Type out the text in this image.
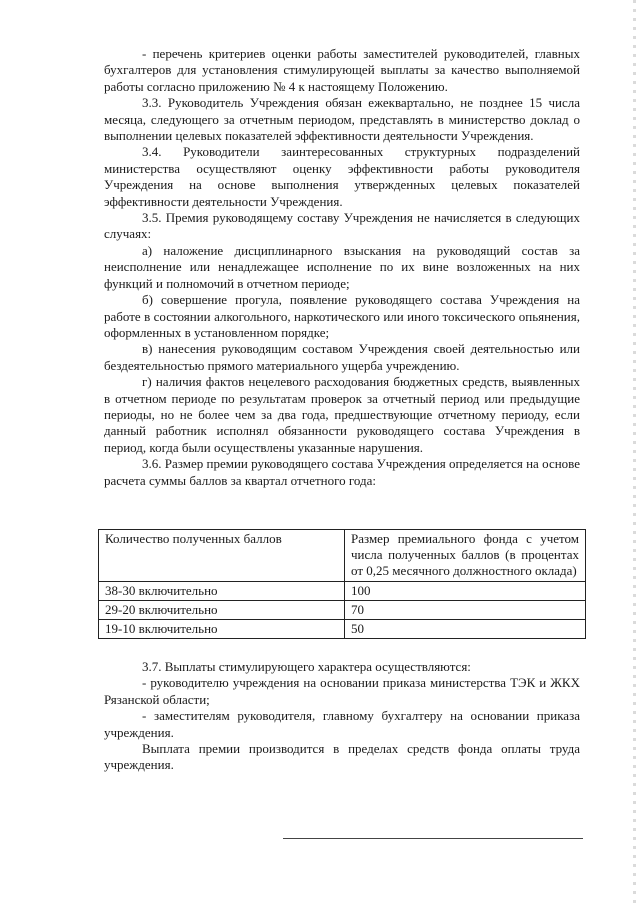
- перечень критериев оценки работы заместителей руководителей, главных бухгалтеров для установления стимулирующей выплаты за качество выполняемой работы согласно приложению № 4 к настоящему Положению.

3.3. Руководитель Учреждения обязан ежеквартально, не позднее 15 числа месяца, следующего за отчетным периодом, представлять в министерство доклад о выполнении целевых показателей эффективности деятельности Учреждения.

3.4. Руководители заинтересованных структурных подразделений министерства осуществляют оценку эффективности работы руководителя Учреждения на основе выполнения утвержденных целевых показателей эффективности деятельности Учреждения.

3.5. Премия руководящему составу Учреждения не начисляется в следующих случаях:

а) наложение дисциплинарного взыскания на руководящий состав за неисполнение или ненадлежащее исполнение по их вине возложенных на них функций и полномочий в отчетном периоде;

б) совершение прогула, появление руководящего состава Учреждения на работе в состоянии алкогольного, наркотического или иного токсического опьянения, оформленных в установленном порядке;

в) нанесения руководящим составом Учреждения своей деятельностью или бездеятельностью прямого материального ущерба учреждению.

г) наличия фактов нецелевого расходования бюджетных средств, выявленных в отчетном периоде по результатам проверок за отчетный период или предыдущие периоды, но не более чем за два года, предшествующие отчетному периоду, если данный работник исполнял обязанности руководящего состава Учреждения в период, когда были осуществлены указанные нарушения.

3.6. Размер премии руководящего состава Учреждения определяется на основе расчета суммы баллов за квартал отчетного года:

Количество полученных баллов	Размер премиального фонда с учетом числа полученных баллов (в процентах от 0,25 месячного должностного оклада)
38-30 включительно	100
29-20 включительно	70
19-10 включительно	50

3.7. Выплаты стимулирующего характера осуществляются:

- руководителю учреждения на основании приказа министерства ТЭК и ЖКХ Рязанской области;

- заместителям руководителя, главному бухгалтеру на основании приказа учреждения.

Выплата премии производится в пределах средств фонда оплаты труда учреждения.
